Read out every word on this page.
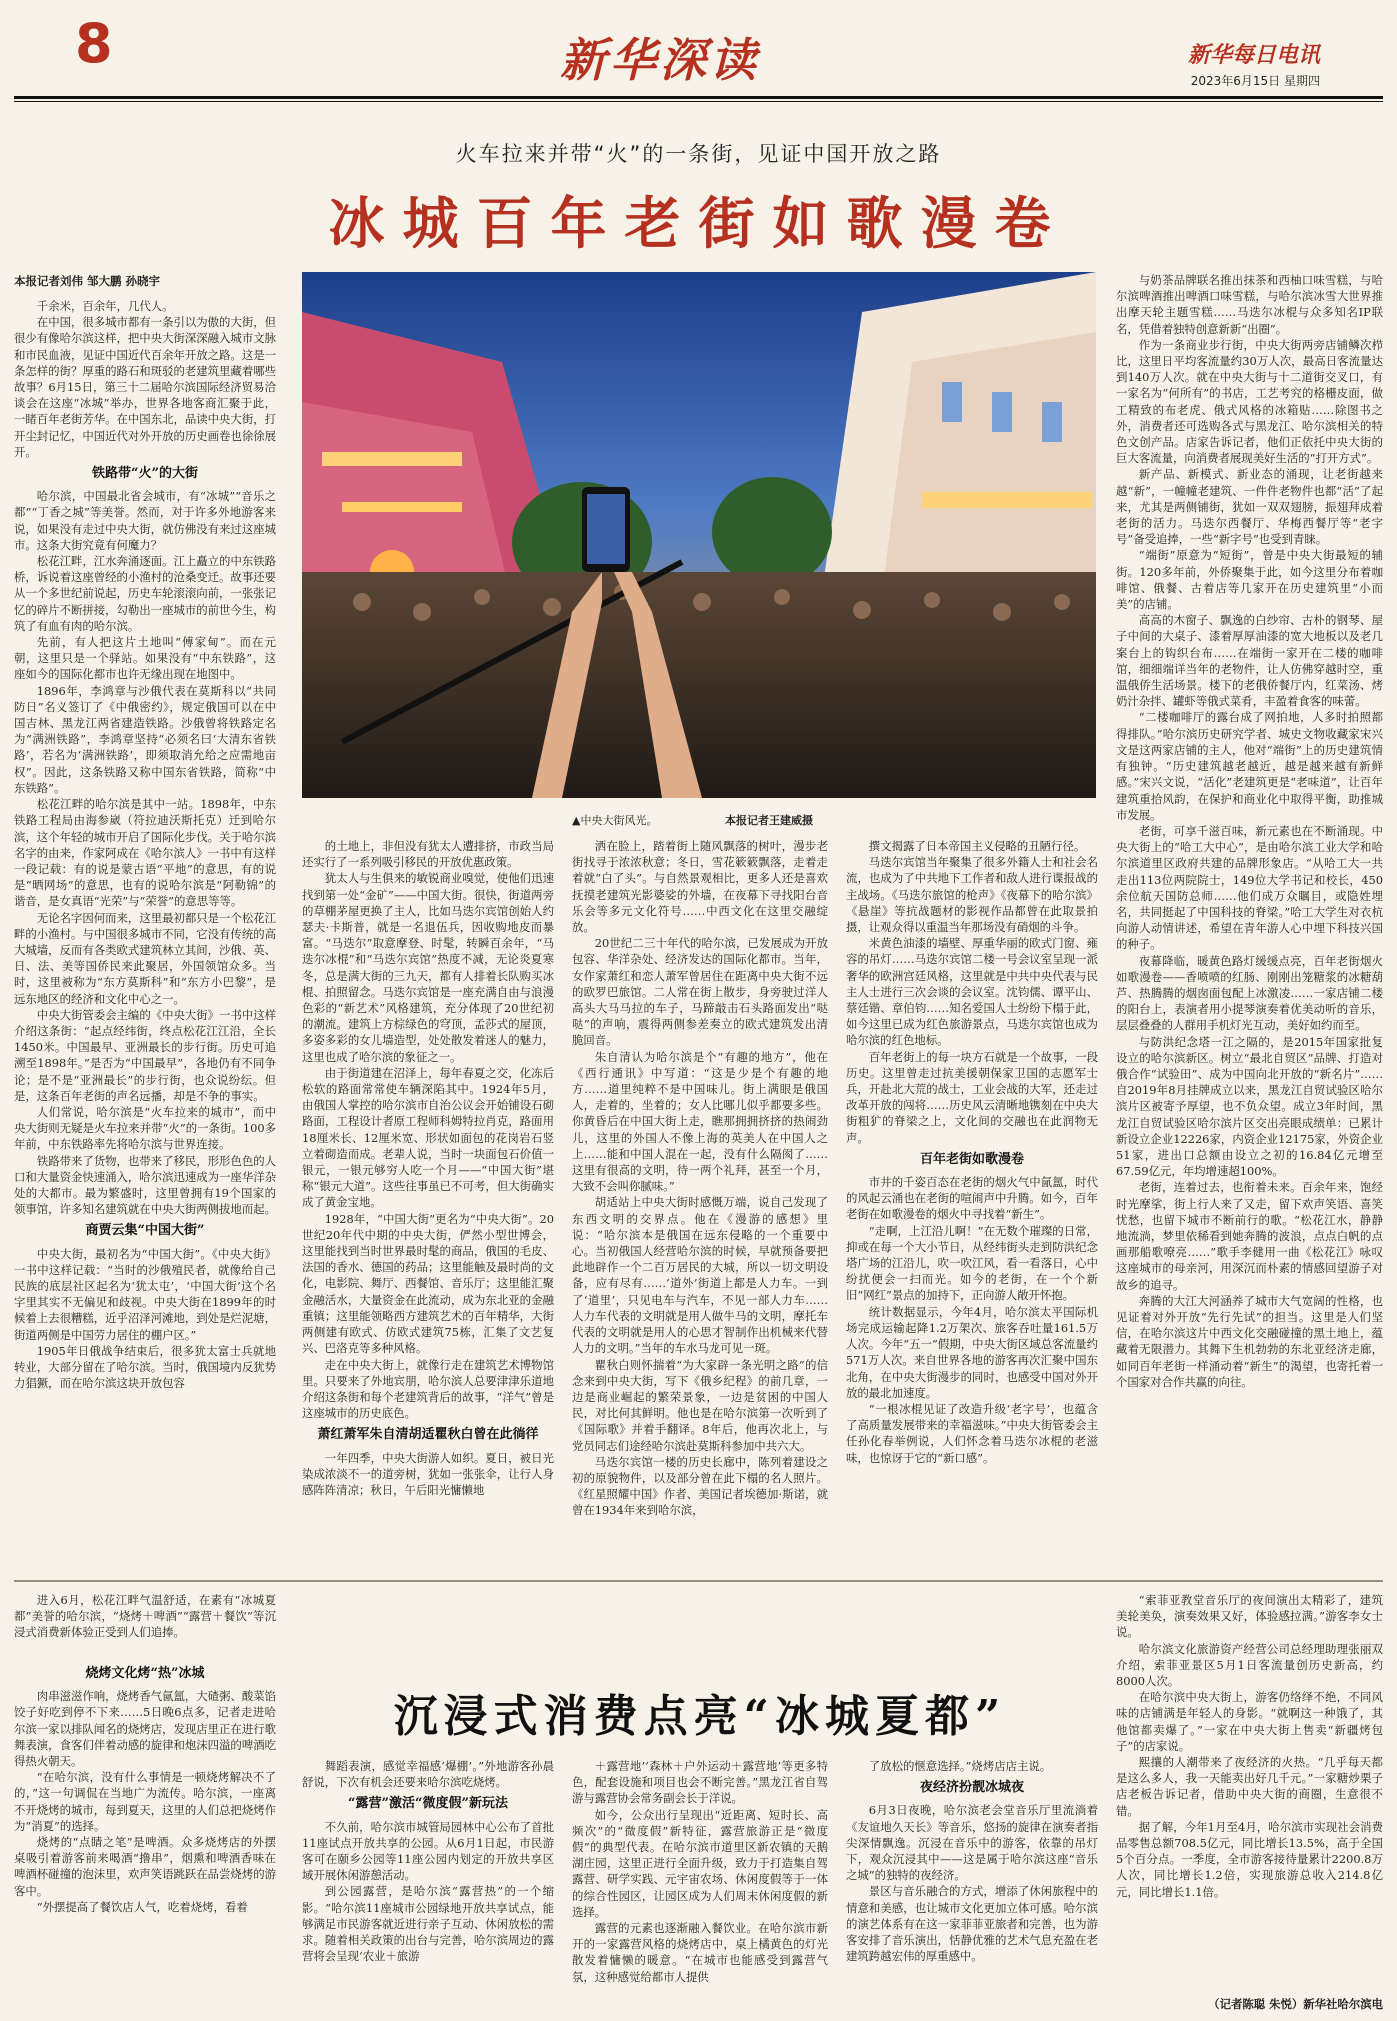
8	新华深读	新华每日电讯
2023年6月15日 星期四
火车拉来并带“火”的一条街，见证中国开放之路
冰城百年老街如歌漫卷
本报记者刘伟 邹大鹏 孙晓宇
▲中央大街风光。	本报记者王建威摄

千余米，百余年，几代人。

在中国，很多城市都有一条引以为傲的大街，但很少有像哈尔滨这样，把中央大街深深融入城市文脉和市民血液，见证中国近代百余年开放之路。这是一条怎样的街？厚重的路石和斑驳的老建筑里藏着哪些故事？6月15日，第三十二届哈尔滨国际经济贸易洽谈会在这座“冰城”举办，世界各地客商汇聚于此，一睹百年老街芳华。在中国东北，品读中央大街，打开尘封记忆，中国近代对外开放的历史画卷也徐徐展开。

铁路带“火”的大街

哈尔滨，中国最北省会城市，有“冰城”“音乐之都”“丁香之城”等美誉。然而，对于许多外地游客来说，如果没有走过中央大街，就仿佛没有来过这座城市。这条大街究竟有何魔力？

松花江畔，江水奔涌逐面。江上矗立的中东铁路桥，诉说着这座曾经的小渔村的沧桑变迁。故事还要从一个多世纪前说起，历史车轮滚滚向前，一张张记忆的碎片不断拼接，勾勒出一座城市的前世今生，构筑了有血有肉的哈尔滨。

先前，有人把这片土地叫“傅家甸”。而在元朝，这里只是一个驿站。如果没有“中东铁路”，这座如今的国际化都市也许无缘出现在地图中。

1896年，李鸿章与沙俄代表在莫斯科以“共同防日”名义签订了《中俄密约》，规定俄国可以在中国吉林、黑龙江两省建造铁路。沙俄曾将铁路定名为“满洲铁路”，李鸿章坚持“必须名曰‘大清东省铁路’，若名为‘满洲铁路’，即须取消允给之应需地亩权”。因此，这条铁路又称中国东省铁路，简称“中东铁路”。

松花江畔的哈尔滨是其中一站。1898年，中东铁路工程局由海参崴（符拉迪沃斯托克）迁到哈尔滨，这个年轻的城市开启了国际化步伐。关于哈尔滨名字的由来，作家阿成在《哈尔滨人》一书中有这样一段记载：有的说是蒙古语“平地”的意思，有的说是“晒网场”的意思，也有的说哈尔滨是“阿勒锦”的谐音，是女真语“光荣”与“荣誉”的意思等等。

无论名字因何而来，这里最初都只是一个松花江畔的小渔村。与中国很多城市不同，它没有传统的高大城墙，反而有各类欧式建筑林立其间，沙俄、英、日、法、美等国侨民来此聚居，外国领馆众多。当时，这里被称为“东方莫斯科”和“东方小巴黎”，是远东地区的经济和文化中心之一。

中央大街管委会主编的《中央大街》一书中这样介绍这条街：“起点经纬街，终点松花江江沿，全长1450米。中国最早、亚洲最长的步行街。历史可追溯至1898年。”是否为“中国最早”，各地仍有不同争论；是不是“亚洲最长”的步行街，也众说纷纭。但是，这条百年老街的声名远播，却是不争的事实。

人们常说，哈尔滨是“火车拉来的城市”，而中央大街则无疑是火车拉来并带“火”的一条街。100多年前，中东铁路率先将哈尔滨与世界连接。

铁路带来了货物，也带来了移民，形形色色的人口和大量资金快速涌入，哈尔滨迅速成为一座华洋杂处的大都市。最为繁盛时，这里曾拥有19个国家的领事馆，许多知名建筑就在中央大街两侧拔地而起。

商贾云集“中国大街”

中央大街，最初名为“中国大街”。《中央大街》一书中这样记载：“当时的沙俄殖民者，就像给自己民族的底层社区起名为‘犹太屯’，‘中国大街’这个名字里其实不无偏见和歧视。中央大街在1899年的时候着上去很糟糕，近乎沼泽河滩地，到处是烂泥塘，街道两侧是中国劳力居住的棚户区。”

1905年日俄战争结束后，很多犹太富士兵就地转业，大部分留在了哈尔滨。当时，俄国境内反犹势力猖獗，而在哈尔滨这块开放包容

的土地上，非但没有犹太人遭排挤，市政当局还实行了一系列吸引移民的开放优惠政策。

犹太人与生俱来的敏锐商业嗅觉，使他们迅速找到第一处“金矿”——中国大街。很快，街道两旁的草棚茅屋更换了主人，比如马迭尔宾馆创始人约瑟夫·卡斯普，就是一名退伍兵，因收购地皮而暴富。“马迭尔”取意摩登、时髦，转瞬百余年，“马迭尔冰棍”和“马迭尔宾馆”热度不减，无论炎夏寒冬，总是满大街的三九天，都有人排着长队购买冰棍、拍照留念。马迭尔宾馆是一座充满自由与浪漫色彩的“新艺术”风格建筑，充分体现了20世纪初的潮流。建筑上方棕绿色的穹顶，孟莎式的屋顶，多姿多彩的女儿墙造型，处处散发着迷人的魅力，这里也成了哈尔滨的象征之一。

由于街道建在沼泽上，每年春夏之交，化冻后松软的路面常常使车辆深陷其中。1924年5月，由俄国人掌控的哈尔滨市自治公议会开始铺设石砌路面，工程设计者原工程师科姆特拉肖克，路面用18厘米长、12厘米宽、形状如面包的花岗岩石竖立着砌造而成。老辈人说，当时一块面包石价值一银元，一银元够穷人吃一个月——“中国大街”堪称“银元大道”。这些往事虽已不可考，但大街确实成了黄金宝地。

1928年，“中国大街”更名为“中央大街”。20世纪20年代中期的中央大街，俨然小型世博会，这里能找到当时世界最时髦的商品，俄国的毛皮、法国的香水、德国的药品；这里能触及最时尚的文化，电影院、舞厅、西餐馆、音乐厅；这里能汇聚金融活水，大量资金在此流动，成为东北亚的金融重镇；这里能领略西方建筑艺术的百年精华，大街两侧建有欧式、仿欧式建筑75栋，汇集了文艺复兴、巴洛克等多种风格。

走在中央大街上，就像行走在建筑艺术博物馆里。只要来了外地宾朋，哈尔滨人总要津津乐道地介绍这条街和每个老建筑背后的故事，“洋气”曾是这座城市的历史底色。

萧红萧军朱自清胡适瞿秋白曾在此徜徉

一年四季，中央大街游人如织。夏日，被日光染成浓淡不一的道旁树，犹如一张张伞，让行人身感阵阵清凉；秋日，午后阳光慵懒地

洒在脸上，踏着街上随风飘落的树叶，漫步老街找寻于浓浓秋意；冬日，雪花簌簌飘落，走着走着就“白了头”。与自然景观相比，更多人还是喜欢抚摸老建筑光影婆娑的外墙，在夜幕下寻找阳台音乐会等多元文化符号……中西文化在这里交融绽放。

20世纪二三十年代的哈尔滨，已发展成为开放包容、华洋杂处、经济发达的国际化都市。当年，女作家萧红和恋人萧军曾居住在距离中央大街不远的欧罗巴旅馆。二人常在街上散步，身旁驶过洋人高头大马马拉的车子，马蹄敲击石头路面发出“哒哒”的声响，震得两侧参差奏立的欧式建筑发出清脆回音。

朱自清认为哈尔滨是个“有趣的地方”，他在《西行通讯》中写道：“这是少是个有趣的地方……道里纯粹不是中国味儿。街上满眼是俄国人，走着的，坐着的；女人比哪儿似乎都要多些。你黄昏后在中国大街上走，瞧那拥拥挤挤的热闹劲儿，这里的外国人不像上海的英美人在中国人之上……能和中国人混在一起，没有什么隔阂了……这里有很高的文明，待一两个礼拜，甚至一个月，大致不会叫你腻味。”

胡适站上中央大街时感慨万端，说自己发现了东西文明的交界点。他在《漫游的感想》里说：“哈尔滨本是俄国在远东侵略的一个重要中心。当初俄国人经营哈尔滨的时候，早就预备要把此地辟作一个二百万居民的大城，所以一切文明设备，应有尽有……‘道外’街道上都是人力车。一到了‘道里’，只见电车与汽车，不见一部人力车……人力车代表的文明就是用人做牛马的文明，摩托车代表的文明就是用人的心思才智制作出机械来代替人力的文明。”当年的车水马龙可见一斑。

瞿秋白则怀揣着“为大家辟一条光明之路”的信念来到中央大街，写下《俄乡纪程》的前几章，一边是商业崛起的繁荣景象，一边是贫困的中国人民，对比何其鲜明。他也是在哈尔滨第一次听到了《国际歌》并着手翻译。8年后，他再次北上，与党员同志们途经哈尔滨赴莫斯科参加中共六大。

马迭尔宾馆一楼的历史长廊中，陈列着建设之初的原貌物件，以及部分曾在此下榻的名人照片。《红星照耀中国》作者、美国记者埃德加·斯诺，就曾在1934年来到哈尔滨，

撰文揭露了日本帝国主义侵略的丑陋行径。

马迭尔宾馆当年聚集了很多外籍人士和社会名流，也成为了中共地下工作者和敌人进行谍报战的主战场。《马迭尔旅馆的枪声》《夜幕下的哈尔滨》《悬崖》等抗战题材的影视作品都曾在此取景拍摄，让观众得以重温当年那场没有硝烟的斗争。

米黄色油漆的墙壁、厚重华丽的欧式门窗、雍容的吊灯……马迭尔宾馆二楼一号会议室呈现一派奢华的欧洲宫廷风格，这里就是中共中央代表与民主人士进行三次会谈的会议室。沈钧儒、谭平山、蔡廷锴、章伯钧……知名爱国人士纷纷下榻于此，如今这里已成为红色旅游景点，马迭尔宾馆也成为哈尔滨的红色地标。

百年老街上的每一块方石就是一个故事，一段历史。这里曾走过抗美援朝保家卫国的志愿军士兵，开赴北大荒的战士，工业会战的大军，还走过改革开放的闯将……历史风云清晰地镌刻在中央大街粗犷的脊梁之上，文化间的交融也在此润物无声。

百年老街如歌漫卷

市井的千姿百态在老街的烟火气中氤氲，时代的风起云涌也在老街的喧闹声中升腾。如今，百年老街在如歌漫卷的烟火中寻找着“新生”。

“走啊，上江沿儿啊！”在无数个璀璨的日常，抑或在每一个大小节日，从经纬街头走到防洪纪念塔广场的江沿儿，吹一吹江风，看一看落日，心中纷扰便会一扫而光。如今的老街，在一个个新旧“网红”景点的加持下，正向游人敞开怀抱。

统计数据显示，今年4月，哈尔滨太平国际机场完成运输起降1.2万架次、旅客吞吐量161.5万人次。今年“五一”假期，中央大街区域总客流量约571万人次。来自世界各地的游客再次汇聚中国东北角，在中央大街漫步的同时，也感受中国对外开放的最北加速度。

“一根冰棍见证了改造升级‘老字号’，也蕴含了高质量发展带来的幸福滋味。”中央大街管委会主任孙化春举例说，人们怀念着马迭尔冰棍的老滋味，也惊讶于它的“新口感”。

与奶茶品牌联名推出抹茶和西柚口味雪糕，与哈尔滨啤酒推出啤酒口味雪糕，与哈尔滨冰雪大世界推出摩天轮主题雪糕……马迭尔冰棍与众多知名IP联名，凭借着独特创意新新“出圈”。

作为一条商业步行街，中央大街两旁店铺鳞次栉比，这里日平均客流量约30万人次，最高日客流量达到140万人次。就在中央大街与十二道街交叉口，有一家名为“何所有”的书店，工艺考究的格栅皮面，做工精致的布老虎、俄式风格的冰箱贴……除图书之外，消费者还可选购各式与黑龙江、哈尔滨相关的特色文创产品。店家告诉记者，他们正依托中央大街的巨大客流量，向消费者展现美好生活的“打开方式”。

新产品、新模式、新业态的涌现，让老街越来越“新”，一幢幢老建筑、一件件老物件也都“活”了起来，尤其是两侧铺街，犹如一双双翅膀，振翅拜成着老街的活力。马迭尔西餐厅、华梅西餐厅等“老字号”备受追捧，一些“新字号”也受到青睐。

“端街”原意为“短街”，曾是中央大街最短的辅街。120多年前，外侨聚集于此，如今这里分布着咖啡馆、俄餐、古着店等几家开在历史建筑里“小而美”的店铺。

高高的木窗子、飘逸的白纱帘、古朴的钢琴、屋子中间的大桌子、漆着厚厚油漆的宽大地板以及老几案台上的钩织台布……在端街一家开在二楼的咖啡馆，细细端详当年的老物件，让人仿佛穿越时空，重温俄侨生活场景。楼下的老俄侨餐厅内，红菜汤、烤奶汁杂拌、罐虾等俄式菜肴，丰盈着食客的味蕾。

“二楼咖啡厅的露台成了网拍地，人多时拍照都得排队。”哈尔滨历史研究学者、城史文物收藏家宋兴文是这两家店铺的主人，他对“端街”上的历史建筑情有独钟。“历史建筑越老越近，越是越来越有新鲜感。”宋兴文说，“活化”老建筑更是“老味道”，让百年建筑重拾风韵，在保护和商业化中取得平衡，助推城市发展。

老街，可享千滋百味，新元素也在不断涌现。中央大街上的“哈工大中心”，是由哈尔滨工业大学和哈尔滨道里区政府共建的品牌形象店。“从哈工大一共走出113位两院院士，149位大学书记和校长，450余位航天国防总师……他们成万众瞩目，或隐姓埋名，共同挺起了中国科技的脊梁。”哈工大学生对衣杭向游人动情讲述，希望在青年游人心中埋下科技兴国的种子。

夜幕降临，暖黄色路灯缓缓点亮，百年老街烟火如歌漫卷——香喷喷的红肠、刚刚出笼糖浆的冰糖葫芦、热腾腾的烟囱面包配上冰激凌……一家店铺二楼的阳台上，表演者用小提琴演奏着优美动听的音乐，层层叠叠的人群用手机灯光互动，美好如约而至。

与防洪纪念塔一江之隔的，是2015年国家批复设立的哈尔滨新区。树立“最北自贸区”品牌、打造对俄合作“试验田”、成为中国向北开放的“新名片”……自2019年8月挂牌成立以来，黑龙江自贸试验区哈尔滨片区被寄予厚望，也不负众望。成立3年时间，黑龙江自贸试验区哈尔滨片区交出亮眼成绩单：已累计新设立企业12226家，内资企业12175家，外资企业51家，进出口总额由设立之初的16.84亿元增至67.59亿元，年均增速超100%。

老街，连着过去，也衔着未来。百余年来，饱经时光摩挲，街上行人来了又走，留下欢声笑语、喜笑忧愁，也留下城市不断前行的歌。“松花江水，静静地流淌，梦里依稀看到她奔腾的波浪，点点白帆的点画那船歌嘹亮……”歌手李健用一曲《松花江》咏叹这座城市的母亲河，用深沉而朴素的情感回望游子对故乡的追寻。

奔腾的大江大河涵养了城市大气宽阔的性格，也见证着对外开放“先行先试”的担当。这里是人们坚信，在哈尔滨这片中西文化交融碰撞的黑土地上，蕴藏着无限潜力。其舞下生机勃勃的东北亚经济走廊，如同百年老街一样涌动着“新生”的渴望，也寄托着一个国家对合作共赢的向往。

进入6月，松花江畔气温舒适，在素有“冰城夏都”美誉的哈尔滨，“烧烤＋啤酒”“露营＋餐饮”等沉浸式消费新体验正受到人们追捧。

沉浸式消费点亮“冰城夏都”
烧烤文化烤“热”冰城

肉串滋滋作响，烧烤香气氤氲，大碴粥、酸菜馅饺子好吃到停不下来……5日晚6点多，记者走进哈尔滨一家以排队闻名的烧烤店，发现店里正在进行歌舞表演，食客们伴着动感的旋律和炮沫四溢的啤酒吃得热火朝天。

“在哈尔滨，没有什么事情是一顿烧烤解决不了的，”这一句调侃在当地广为流传。哈尔滨，一座离不开烧烤的城市，每到夏天，这里的人们总把烧烤作为“消夏”的选择。

烧烤的“点睛之笔”是啤酒。众多烧烤店的外摆桌吸引着游客前来喝酒“撸串”，烟熏和啤酒香味在啤酒杯碰撞的泡沫里，欢声笑语跳跃在品尝烧烤的游客中。

“外摆提高了餐饮店人气，吃着烧烤，看着

舞蹈表演，感觉幸福感‘爆棚’。”外地游客孙晨舒说，下次有机会还要来哈尔滨吃烧烤。

“露营”激活“微度假”新玩法

不久前，哈尔滨市城管局园林中心公布了首批11座试点开放共享的公园。从6月1日起，市民游客可在颐乡公园等11座公园内划定的开放共享区域开展休闲游憩活动。

到公园露营，是哈尔滨“露营热”的一个缩影。“哈尔滨11座城市公园绿地开放共享试点，能够满足市民游客就近进行亲子互动、休闲放松的需求。随着相关政策的出台与完善，哈尔滨周边的露营将会呈现‘农业＋旅游

＋露营地’‘森林＋户外运动＋露营地’等更多特色，配套设施和项目也会不断完善。”黑龙江省自驾游与露营协会常务副会长于洋说。

如今，公众出行呈现出“近距离、短时长、高频次”的“微度假”新特征，露营旅游正是“微度假”的典型代表。在哈尔滨市道里区新农镇的天鹅湖庄园，这里正进行全面升级，致力于打造集自驾露营、研学实践、元宇宙农场、休闲度假等于一体的综合性园区，让园区成为人们周末休闲度假的新选择。

露营的元素也逐渐融入餐饮业。在哈尔滨市新开的一家露营风格的烧烤店中，桌上橘黄色的灯光散发着慵懒的暖意。“在城市也能感受到露营气氛，这种感觉给都市人提供

了放松的惬意选择。”烧烤店店主说。

夜经济扮靓冰城夜

6月3日夜晚，哈尔滨老会堂音乐厅里流淌着《友谊地久天长》等音乐，悠扬的旋律在演奏者指尖深情飘逸。沉浸在音乐中的游客，依靠的吊灯下，观众沉浸其中——这是属于哈尔滨这座“音乐之城”的独特的夜经济。

景区与音乐融合的方式，增添了休闲旅程中的情意和美感，也让城市文化更加立体可感。哈尔滨的演艺体系有在这一家菲菲亚旅者和完善，也为游客安排了音乐演出，恬静优雅的艺术气息充盈在老建筑跨越宏伟的厚重感中。

“索菲亚教堂音乐厅的夜间演出太精彩了，建筑美轮美奂，演奏效果又好，体验感拉满。”游客李女士说。

哈尔滨文化旅游资产经营公司总经理助理张丽双介绍，索菲亚景区5月1日客流量创历史新高，约8000人次。

在哈尔滨中央大街上，游客仍络绎不绝，不同风味的店铺满是年轻人的身影。“就啊这一种饿了，其他馆都卖爆了。”一家在中央大街上售卖“新疆烤包子”的店家说。

熙攘的人潮带来了夜经济的火热。“几乎每天都是这么多人，我一天能卖出好几千元。”一家糖炒栗子店老板告诉记者，借助中央大街的商圈，生意很不错。

据了解，今年1月至4月，哈尔滨市实现社会消费品零售总额708.5亿元，同比增长13.5%，高于全国5个百分点。一季度，全市游客接待量累计2200.8万人次，同比增长1.2倍，实现旅游总收入214.8亿元，同比增长1.1倍。

（记者陈聪 朱悦）新华社哈尔滨电
